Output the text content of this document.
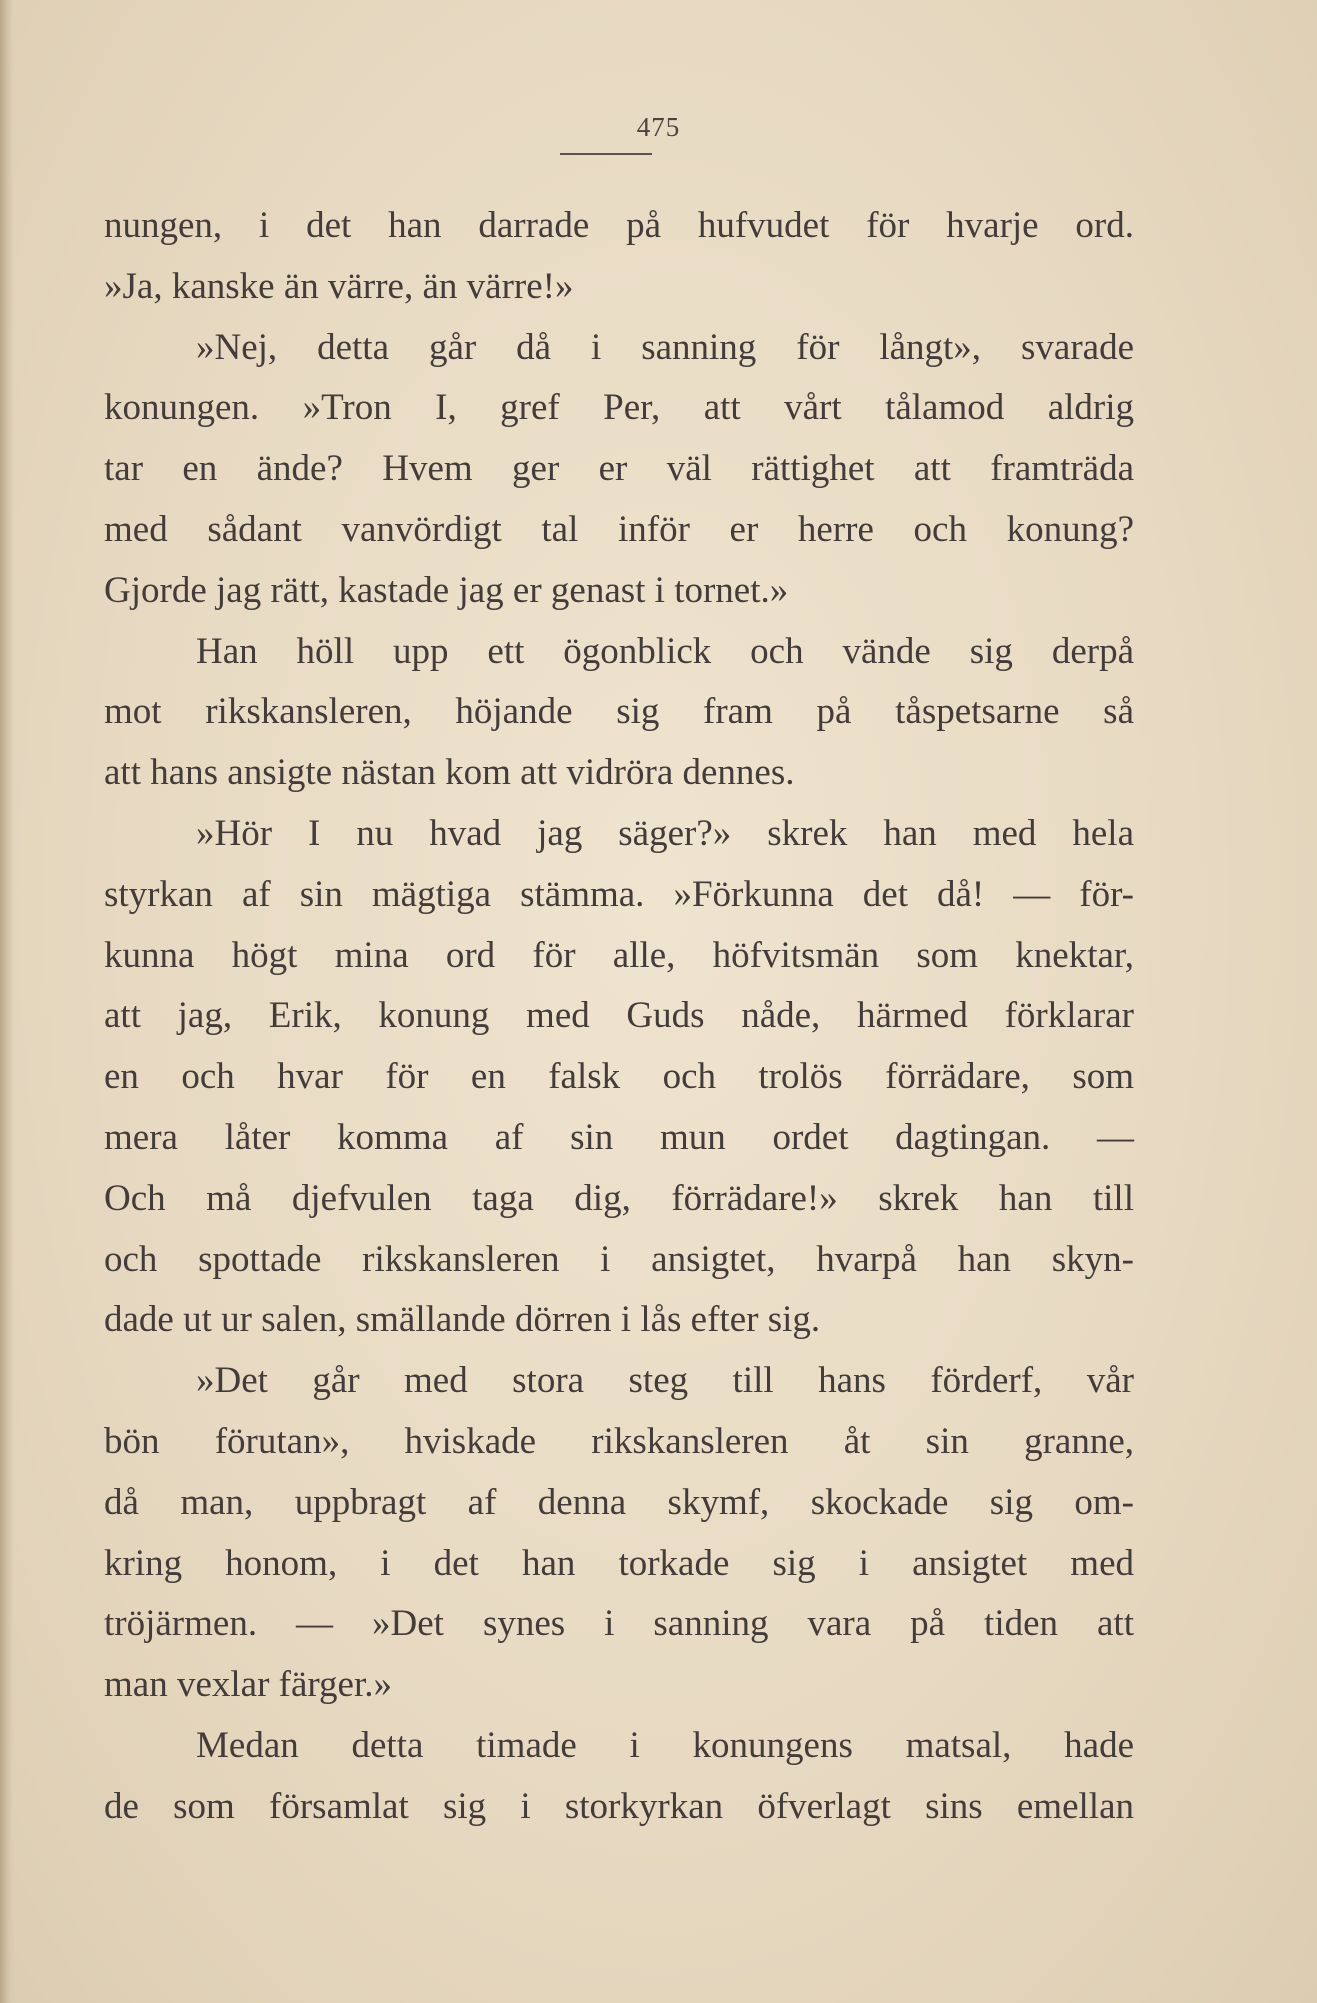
475
nungen, i det han darrade på hufvudet för hvarje ord.
»Ja, kanske än värre, än värre!»
»Nej, detta går då i sanning för långt», svarade
konungen. »Tron I, gref Per, att vårt tålamod aldrig
tar en ände? Hvem ger er väl rättighet att framträda
med sådant vanvördigt tal inför er herre och konung?
Gjorde jag rätt, kastade jag er genast i tornet.»
Han höll upp ett ögonblick och vände sig derpå
mot rikskansleren, höjande sig fram på tåspetsarne så
att hans ansigte nästan kom att vidröra dennes.
»Hör I nu hvad jag säger?» skrek han med hela
styrkan af sin mägtiga stämma. »Förkunna det då! — för-
kunna högt mina ord för alle, höfvitsmän som knektar,
att jag, Erik, konung med Guds nåde, härmed förklarar
en och hvar för en falsk och trolös förrädare, som
mera låter komma af sin mun ordet dagtingan. —
Och må djefvulen taga dig, förrädare!» skrek han till
och spottade rikskansleren i ansigtet, hvarpå han skyn-
dade ut ur salen, smällande dörren i lås efter sig.
»Det går med stora steg till hans förderf, vår
bön förutan», hviskade rikskansleren åt sin granne,
då man, uppbragt af denna skymf, skockade sig om-
kring honom, i det han torkade sig i ansigtet med
tröjärmen. — »Det synes i sanning vara på tiden att
man vexlar färger.»
Medan detta timade i konungens matsal, hade
de som församlat sig i storkyrkan öfverlagt sins emellan
